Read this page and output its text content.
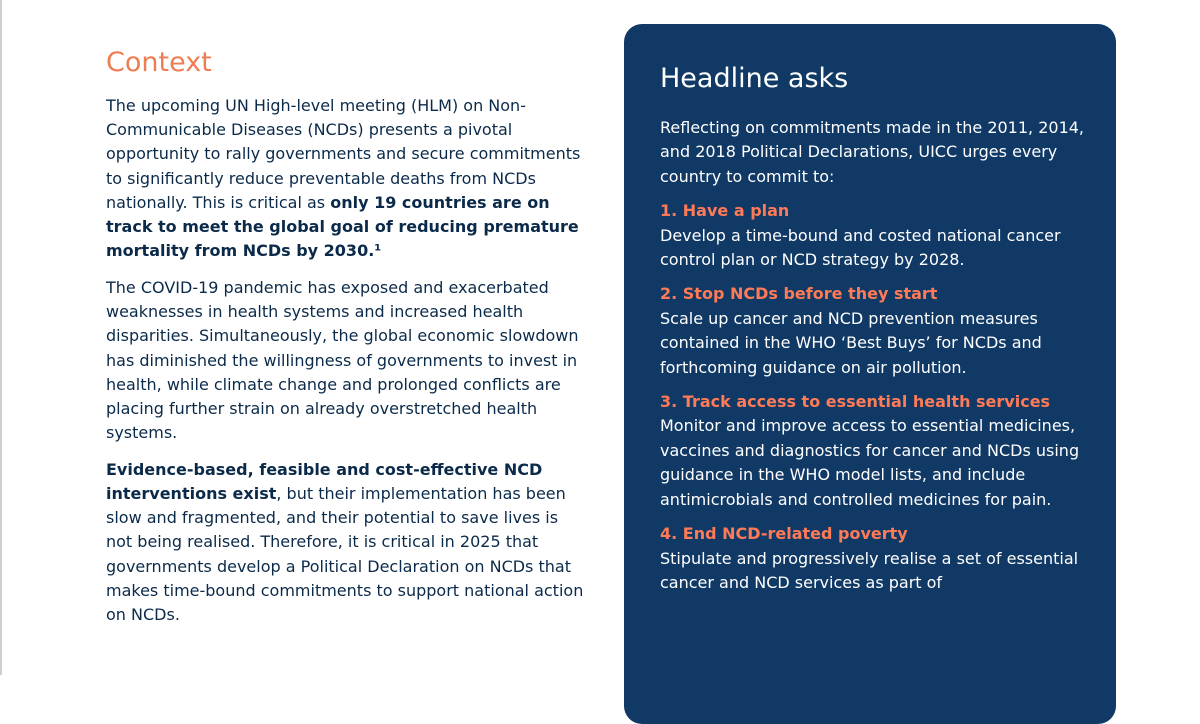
Context

The upcoming UN High-level meeting (HLM) on Non-Communicable Diseases (NCDs) presents a pivotal opportunity to rally governments and secure commitments to significantly reduce preventable deaths from NCDs nationally. This is critical as only 19 countries are on track to meet the global goal of reducing premature mortality from NCDs by 2030.¹

The COVID-19 pandemic has exposed and exacerbated weaknesses in health systems and increased health disparities. Simultaneously, the global economic slowdown has diminished the willingness of governments to invest in health, while climate change and prolonged conflicts are placing further strain on already overstretched health systems.

Evidence-based, feasible and cost-effective NCD interventions exist, but their implementation has been slow and fragmented, and their potential to save lives is not being realised. Therefore, it is critical in 2025 that governments develop a Political Declaration on NCDs that makes time-bound commitments to support national action on NCDs.

Headline asks

Reflecting on commitments made in the 2011, 2014, and 2018 Political Declarations, UICC urges every country to commit to:

1. Have a plan
Develop a time-bound and costed national cancer control plan or NCD strategy by 2028.

2. Stop NCDs before they start
Scale up cancer and NCD prevention measures contained in the WHO ‘Best Buys’ for NCDs and forthcoming guidance on air pollution.

3. Track access to essential health services
Monitor and improve access to essential medicines, vaccines and diagnostics for cancer and NCDs using guidance in the WHO model lists, and include antimicrobials and controlled medicines for pain.

4. End NCD-related poverty
Stipulate and progressively realise a set of essential cancer and NCD services as part of
